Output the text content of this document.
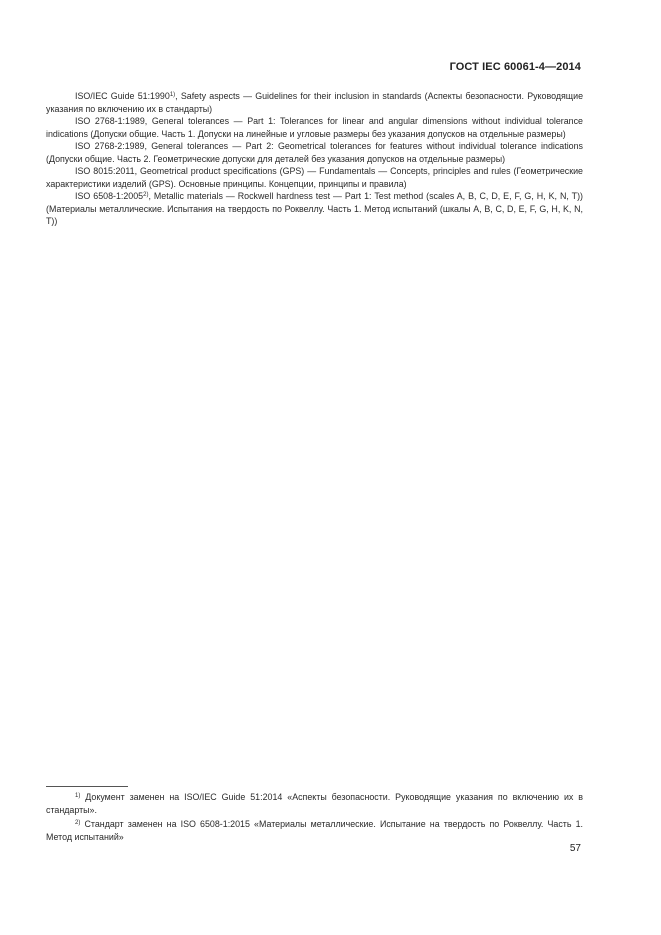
ГОСТ IEC 60061-4—2014

ISO/IEC Guide 51:1990$^{1)}$, Safety aspects — Guidelines for their inclusion in standards (Аспекты безопасности. Руководящие указания по включению их в стандарты)

ISO 2768-1:1989, General tolerances — Part 1: Tolerances for linear and angular dimensions without individual tolerance indications (Допуски общие. Часть 1. Допуски на линейные и угловые размеры без указания допусков на отдельные размеры)

ISO 2768-2:1989, General tolerances — Part 2: Geometrical tolerances for features without individual tolerance indications (Допуски общие. Часть 2. Геометрические допуски для деталей без указания допусков на отдельные размеры)

ISO 8015:2011, Geometrical product specifications (GPS) — Fundamentals — Concepts, principles and rules (Геометрические характеристики изделий (GPS). Основные принципы. Концепции, принципы и правила)

ISO 6508-1:2005$^{2)}$, Metallic materials — Rockwell hardness test — Part 1: Test method (scales A, B, C, D, E, F, G, H, K, N, T)) (Материалы металлические. Испытания на твердость по Роквеллу. Часть 1. Метод испытаний (шкалы A, B, C, D, E, F, G, H, K, N, T))

$^{1)}$ Документ заменен на ISO/IEC Guide 51:2014 «Аспекты безопасности. Руководящие указания по включению их в стандарты».

$^{2)}$ Стандарт заменен на ISO 6508-1:2015 «Материалы металлические. Испытание на твердость по Роквеллу. Часть 1. Метод испытаний»

57
